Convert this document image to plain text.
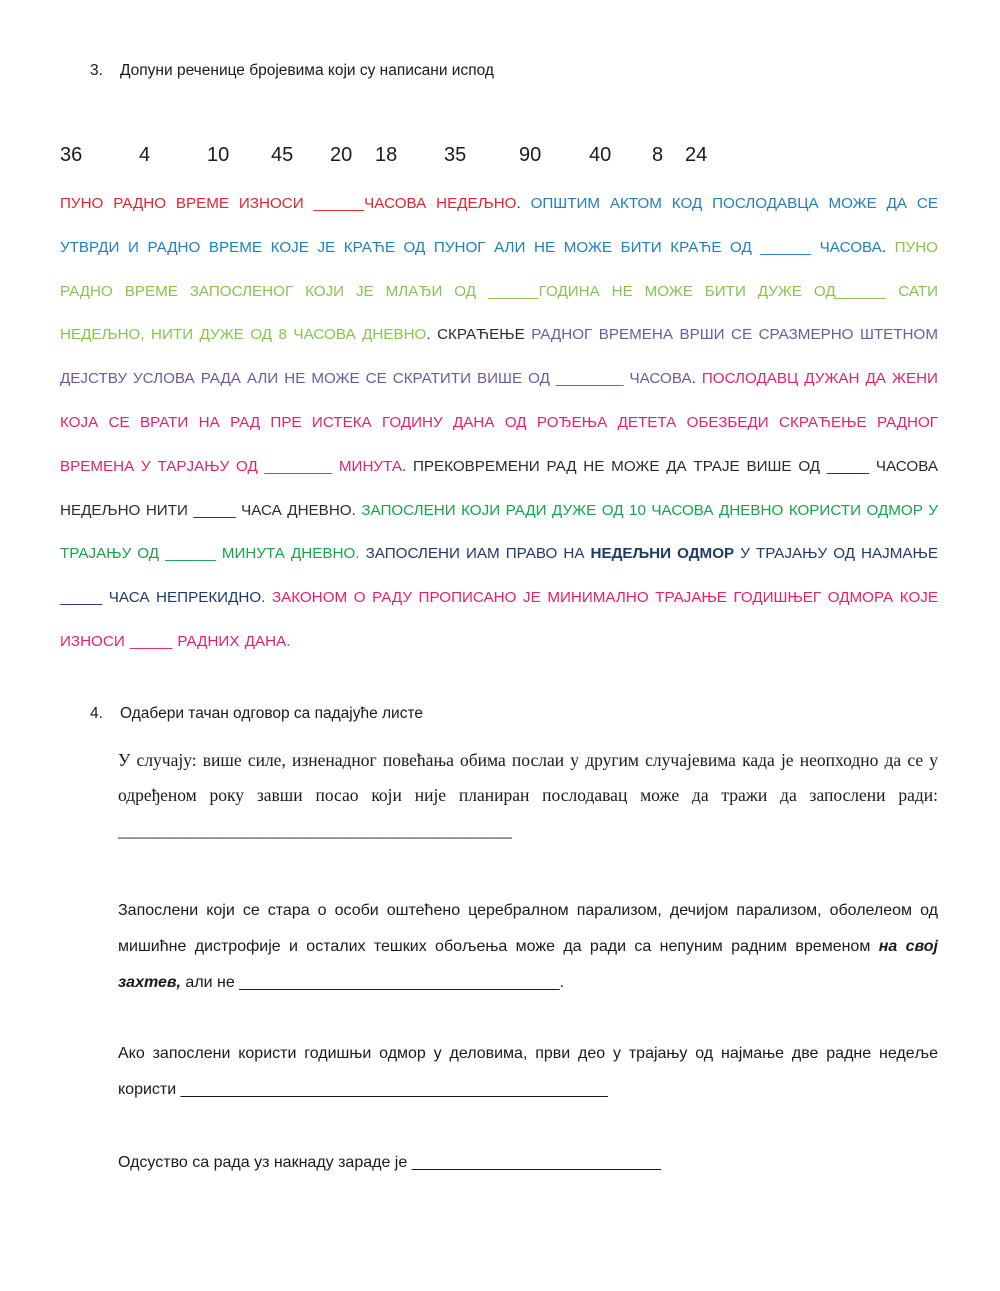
3. Допуни реченице бројевима који су написани испод
36	4	10 45 20 18 35	90 40 8 24
ПУНО РАДНО ВРЕМЕ ИЗНОСИ ______ЧАСОВА НЕДЕЉНО. ОПШТИМ АКТОМ КОД ПОСЛОДАВЦА МОЖЕ ДА СЕ УТВРДИ И РАДНО ВРЕМЕ КОЈЕ ЈЕ КРАЋЕ ОД ПУНОГ АЛИ НЕ МОЖЕ БИТИ КРАЋЕ ОД ______ ЧАСОВА. ПУНО РАДНО ВРЕМЕ ЗАПОСЛЕНОГ КОЈИ ЈЕ МЛАЂИ ОД ______ГОДИНА НЕ МОЖЕ БИТИ ДУЖЕ ОД______ САТИ НЕДЕЉНО, НИТИ ДУЖЕ ОД 8 ЧАСОВА ДНЕВНО. СКРАЋЕЊЕ РАДНОГ ВРЕМЕНА ВРШИ СЕ СРАЗМЕРНО ШТЕТНОМ ДЕЈСТВУ УСЛОВА РАДА АЛИ НЕ МОЖЕ СЕ СКРАТИТИ ВИШЕ ОД ________ ЧАСОВА. ПОСЛОДАВЦ ДУЖАН ДА ЖЕНИ КОЈА СЕ ВРАТИ НА РАД ПРЕ ИСТЕКА ГОДИНУ ДАНА ОД РОЂЕЊА ДЕТЕТА ОБЕЗБЕДИ СКРАЋЕЊЕ РАДНОГ ВРЕМЕНА У ТАРЈАЊУ ОД ________ МИНУТА. ПРЕКОВРЕМЕНИ РАД НЕ МОЖЕ ДА ТРАЈЕ ВИШЕ ОД _____ ЧАСОВА НЕДЕЉНО НИТИ _____ ЧАСА ДНЕВНО. ЗАПОСЛЕНИ КОЈИ РАДИ ДУЖЕ ОД 10 ЧАСОВА ДНЕВНО КОРИСТИ ОДМОР У ТРАЈАЊУ ОД ______ МИНУТА ДНЕВНО. ЗАПОСЛЕНИ ИАМ ПРАВО НА НЕДЕЉНИ ОДМОР У ТРАЈАЊУ ОД НАЈМАЊЕ _____ ЧАСА НЕПРЕКИДНО. ЗАКОНОМ О РАДУ ПРОПИСАНО ЈЕ МИНИМАЛНО ТРАЈАЊЕ ГОДИШЊЕГ ОДМОРА КОЈЕ ИЗНОСИ _____ РАДНИХ ДАНА.
4. Одабери тачан одговор са падајуће листе
У случају: више силе, изненадног повећања обима послаи у другим случајевима када је неопходно да се у одређеном року завши посао који није планиран послодавац може да тражи да запослени ради: _____________________________________________
Запослени који се стара о особи оштећено церебралном парализом, дечијом парализом, оболелеом од мишићне дистрофије и осталих тешких обољења може да ради са непуним радним временом на свој захтев, али не ____________________________________.
Ако запослени користи годишњи одмор у деловима, први део у трајању од најмање две радне недеље користи ________________________________________________
Одсуство са рада уз накнаду зараде је ____________________________
